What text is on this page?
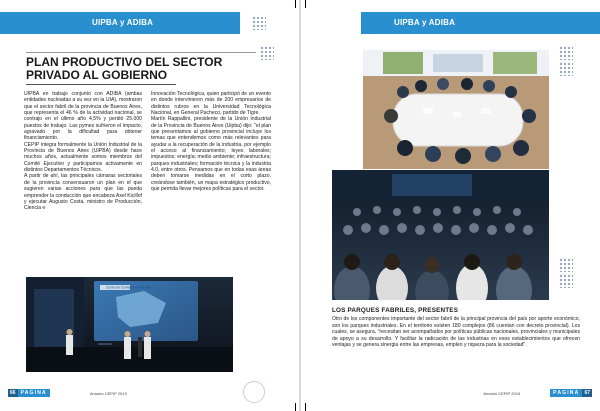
UIPBA y ADIBA
PLAN PRODUCTIVO DEL SECTOR PRIVADO AL GOBIERNO

UIPBA en trabajo conjunto con ADIBA (ambas entidades nucleadas a su vez en la UIA), mostraron que el sector fabril de la provincia de Buenos Aires, que representa el 46 % de la actividad nacional, se contrajo en el último año 4,5% y perdió 25.000 puestos de trabajo. Las pymes sufrieron el impacto, agravado por la dificultad para obtener financiamiento.

CEPIP integra formalmente la Unión Industrial de la Provincia de Buenos Aires (UIPBA) desde hace muchos años, actualmente somos miembros del Comité Ejecutivo y participamos activamente en distintos Departamentos Técnicos.

A partir de ahí, las principales cámaras sectoriales de la provincia consensuaron un plan en el que sugieren varias acciones para que las pueda emprender la conducción que encabeza Axel Kicillof y ejecutar Augusto Costa, ministro de Producción, Ciencia e

Innovación Tecnológica, quien participó de un evento en donde intervinieron más de 200 empresarios de distintos rubros en la Universidad Tecnológica Nacional, en General Pacheco, partido de Tigre.

Martín Rappallini, presidente de la Unión Industrial de la Provincia de Buenos Aires (Uipba) dijo: "el plan que presentamos al gobierno provincial incluye los temas que entendemos como más relevantes para ayudar a la recuperación de la industria, por ejemplo el acceso al financiamiento; leyes laborales; impuestos; energía; medio ambiente; infraestructura; parques industriales; formación técnica y la industria 4.0, entre otros. Pensamos que en todas esas áreas deben tomarse medidas en el corto plazo, creándose también, un mapa estratégico productivo, que permita llevar mejores políticas para el sector.

Centro de Comercio e Industria
66	PAGINA	Anuario CEPIP 2019
UIPBA y ADIBA
LOS PARQUES FABRILES, PRESENTES
Otro de los componentes importante del sector fabril de la principal provincia del país por aporte económico, son los parques industriales. En el territorio existen 180 complejos (86 cuentan con decreto provincial). Los cuales, se asegura, "necesitan ser acompañados por políticas públicas nacionales, provinciales y municipales de apoyo a su desarrollo. Y facilitar la radicación de las industrias en esos establecimientos que ofrecen ventajas y se genera sinergia entre las empresas, empleo y riqueza para la sociedad".
Anuario CEPIP 2019	PAGINA	67
